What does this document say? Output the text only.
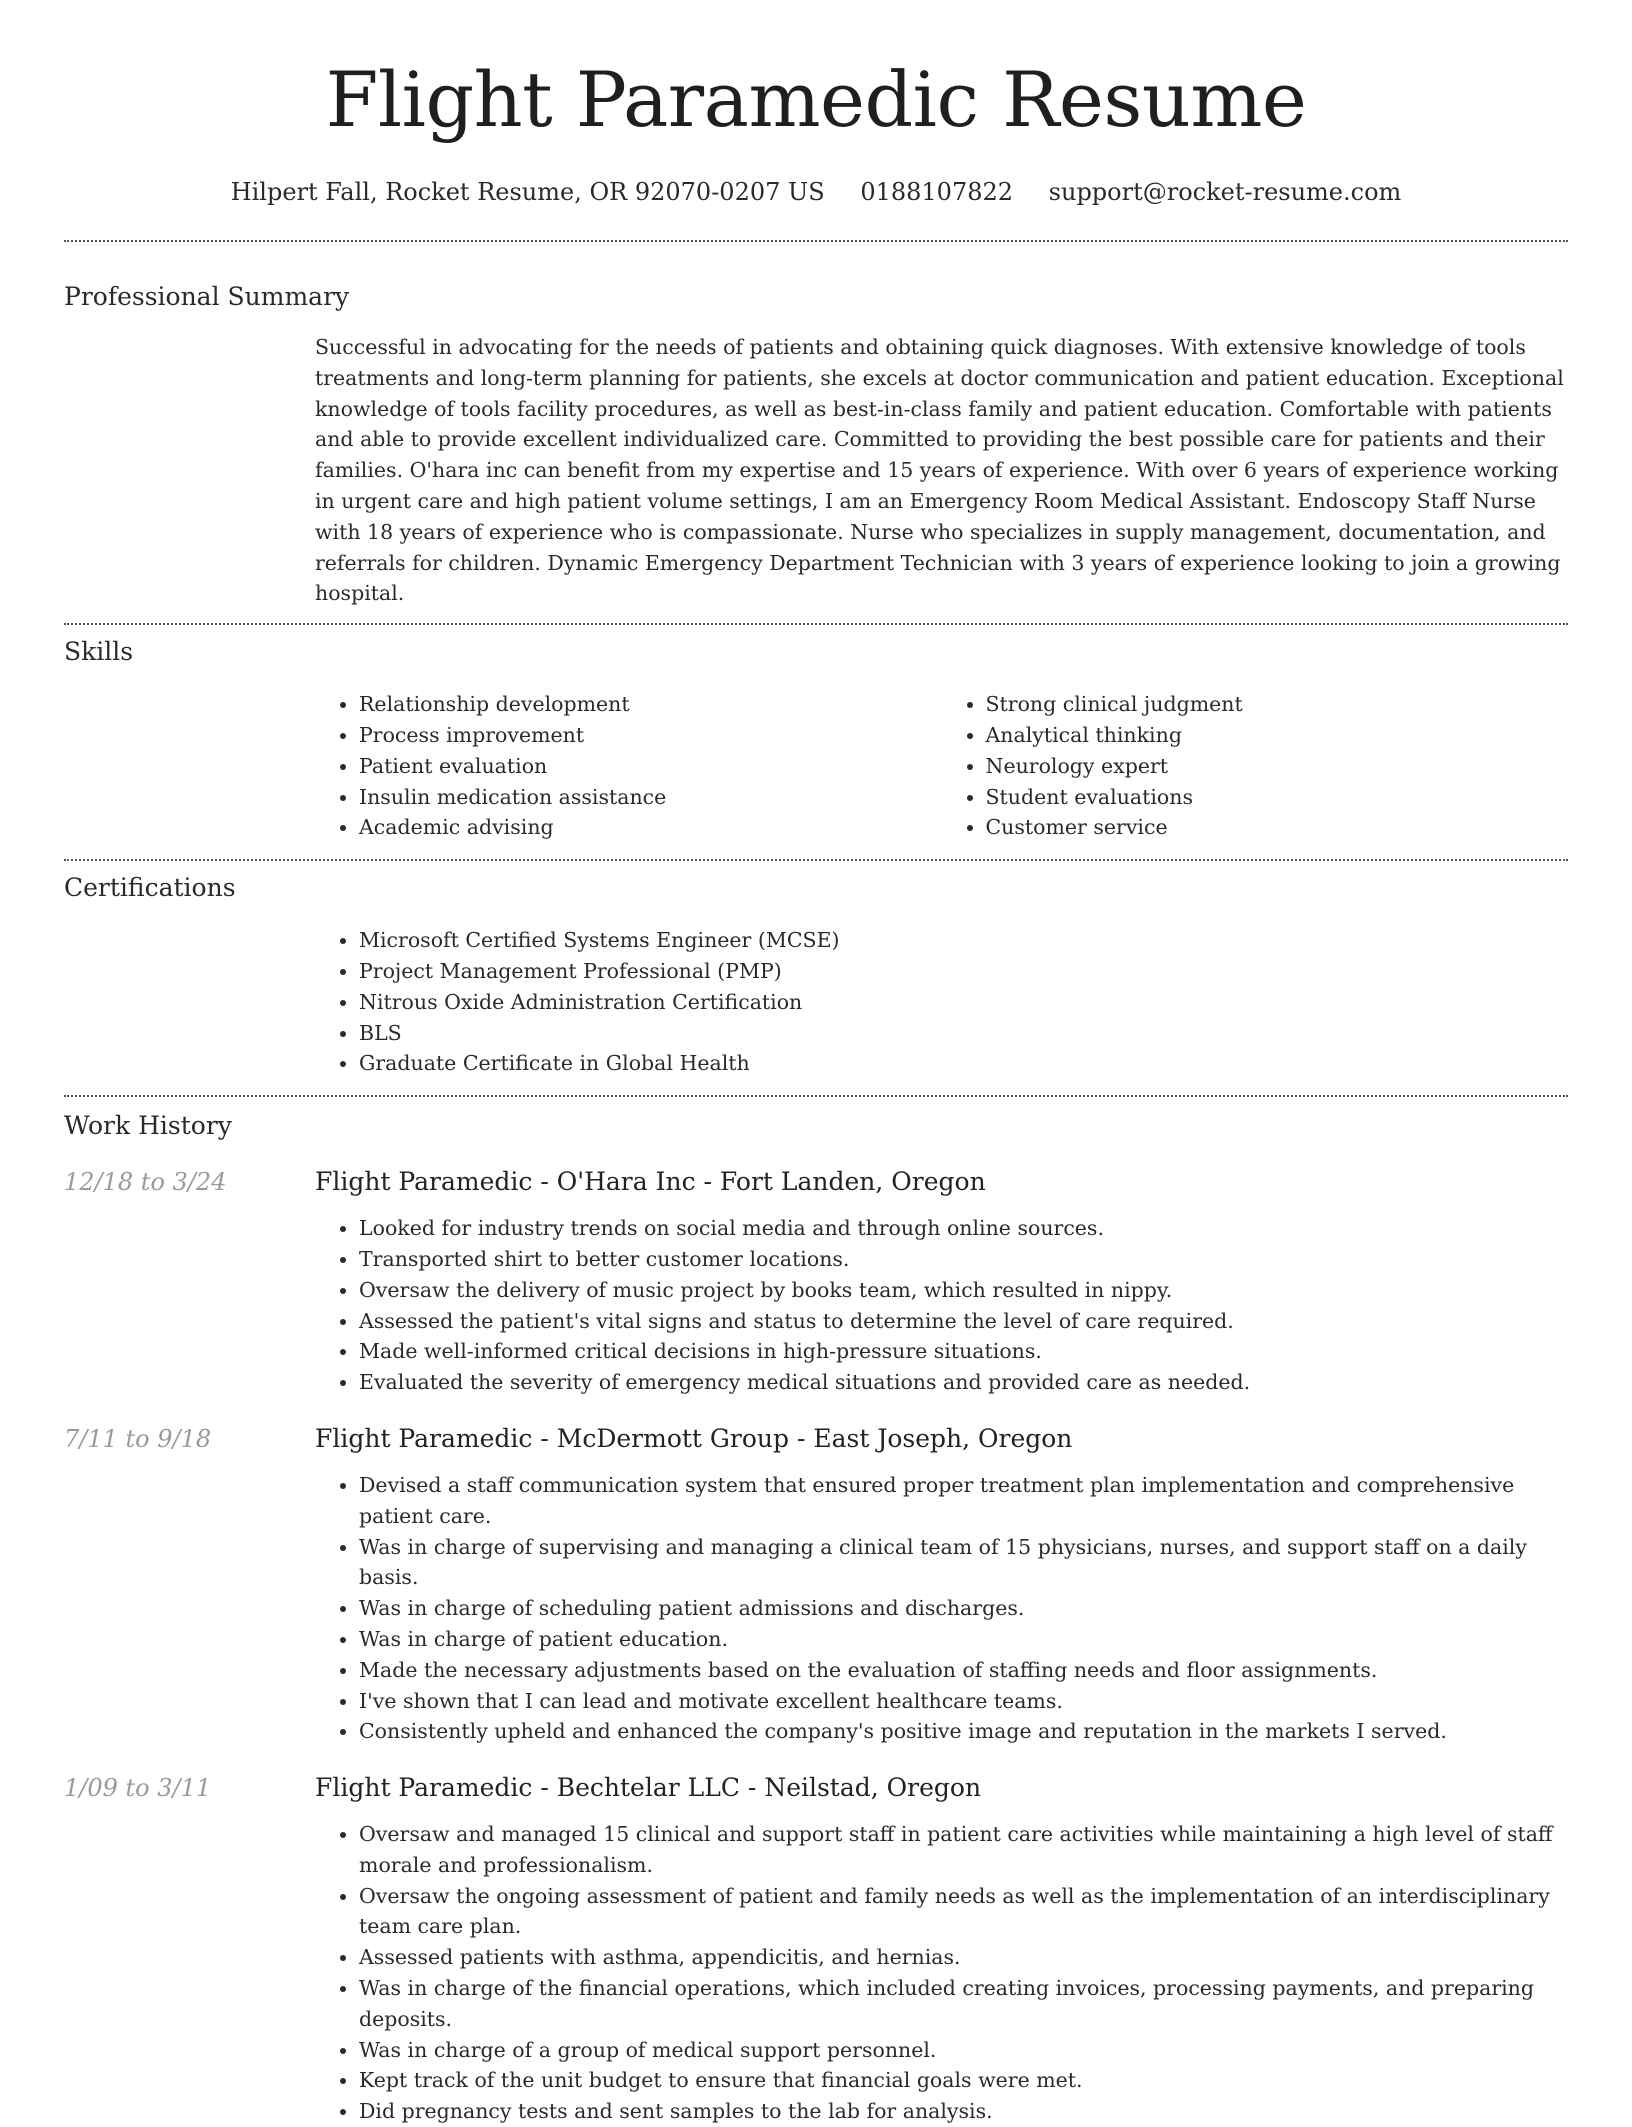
Flight Paramedic Resume
Hilpert Fall, Rocket Resume, OR 92070-0207 US 0188107822 support@rocket-resume.com
Professional Summary

Successful in advocating for the needs of patients and obtaining quick diagnoses. With extensive knowledge of tools treatments and long-term planning for patients, she excels at doctor communication and patient education. Exceptional knowledge of tools facility procedures, as well as best-in-class family and patient education. Comfortable with patients and able to provide excellent individualized care. Committed to providing the best possible care for patients and their families. O'hara inc can benefit from my expertise and 15 years of experience. With over 6 years of experience working in urgent care and high patient volume settings, I am an Emergency Room Medical Assistant. Endoscopy Staff Nurse with 18 years of experience who is compassionate. Nurse who specializes in supply management, documentation, and referrals for children. Dynamic Emergency Department Technician with 3 years of experience looking to join a growing hospital.

Skills
• Relationship development
• Process improvement
• Patient evaluation
• Insulin medication assistance
• Academic advising
• Strong clinical judgment
• Analytical thinking
• Neurology expert
• Student evaluations
• Customer service
Certifications
• Microsoft Certified Systems Engineer (MCSE)
• Project Management Professional (PMP)
• Nitrous Oxide Administration Certification
• BLS
• Graduate Certificate in Global Health
Work History
12/18 to 3/24	Flight Paramedic - O'Hara Inc - Fort Landen, Oregon
• Looked for industry trends on social media and through online sources.
• Transported shirt to better customer locations.
• Oversaw the delivery of music project by books team, which resulted in nippy.
• Assessed the patient's vital signs and status to determine the level of care required.
• Made well-informed critical decisions in high-pressure situations.
• Evaluated the severity of emergency medical situations and provided care as needed.
7/11 to 9/18	Flight Paramedic - McDermott Group - East Joseph, Oregon
• Devised a staff communication system that ensured proper treatment plan implementation and comprehensive patient care.
• Was in charge of supervising and managing a clinical team of 15 physicians, nurses, and support staff on a daily basis.
• Was in charge of scheduling patient admissions and discharges.
• Was in charge of patient education.
• Made the necessary adjustments based on the evaluation of staffing needs and floor assignments.
• I've shown that I can lead and motivate excellent healthcare teams.
• Consistently upheld and enhanced the company's positive image and reputation in the markets I served.
1/09 to 3/11	Flight Paramedic - Bechtelar LLC - Neilstad, Oregon
• Oversaw and managed 15 clinical and support staff in patient care activities while maintaining a high level of staff morale and professionalism.
• Oversaw the ongoing assessment of patient and family needs as well as the implementation of an interdisciplinary team care plan.
• Assessed patients with asthma, appendicitis, and hernias.
• Was in charge of the financial operations, which included creating invoices, processing payments, and preparing deposits.
• Was in charge of a group of medical support personnel.
• Kept track of the unit budget to ensure that financial goals were met.
• Did pregnancy tests and sent samples to the lab for analysis.
